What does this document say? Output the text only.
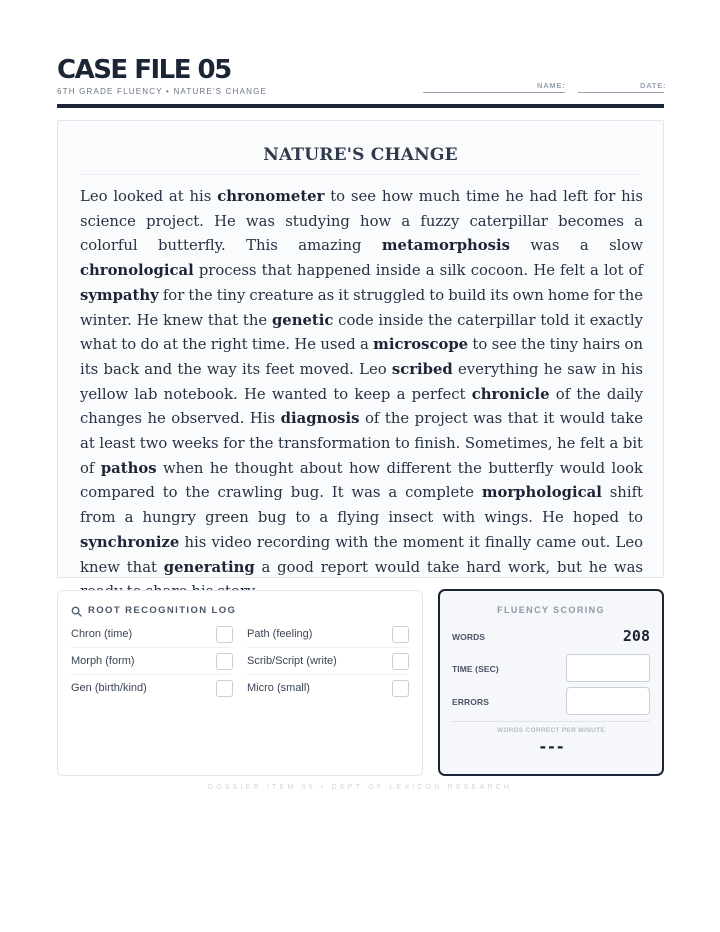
CASE FILE 05
6TH GRADE FLUENCY • NATURE'S CHANGE
NAME:	DATE:
NATURE'S CHANGE

Leo looked at his chronometer to see how much time he had left for his science project. He was studying how a fuzzy caterpillar becomes a colorful butterfly. This amazing metamorphosis was a slow chronological process that happened inside a silk cocoon. He felt a lot of sympathy for the tiny creature as it struggled to build its own home for the winter. He knew that the genetic code inside the caterpillar told it exactly what to do at the right time. He used a microscope to see the tiny hairs on its back and the way its feet moved. Leo scribed everything he saw in his yellow lab notebook. He wanted to keep a perfect chronicle of the daily changes he observed. His diagnosis of the project was that it would take at least two weeks for the transformation to finish. Sometimes, he felt a bit of pathos when he thought about how different the butterfly would look compared to the crawling bug. It was a complete morphological shift from a hungry green bug to a flying insect with wings. He hoped to synchronize his video recording with the moment it finally came out. Leo knew that generating a good report would take hard work, but he was

ROOT RECOGNITION LOG
Chron (time)	Path (feeling)
Morph (form)	Scrib/Script (write)
Gen (birth/kind)	Micro (small)
FLUENCY SCORING
WORDS	208
TIME (SEC)
ERRORS
WORDS CORRECT PER MINUTE
---
DOSSIER ITEM 05 • DEPT OF LEXICON RESEARCH
